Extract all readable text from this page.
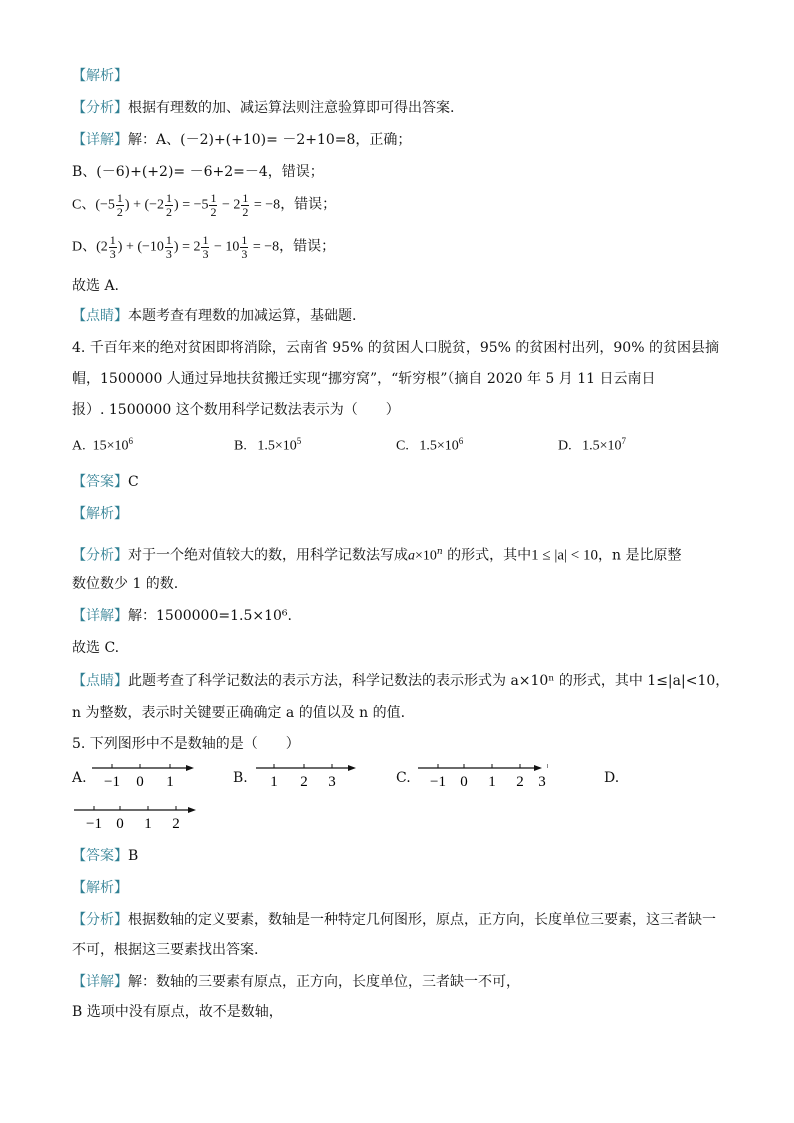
【解析】
【分析】根据有理数的加、减运算法则注意验算即可得出答案.
【详解】解：A、(－2)+(+10)= －2+10=8，正确；
B、(－6)+(+2)= －6+2=－4，错误；
C、($-5 \frac{1}{2}$ ) + ($-2 \frac{1}{2}$ ) = $-5 \frac{1}{2} - 2 \frac{1}{2} = -8$，错误；
D、($2 \frac{1}{3}$ ) + ($-10 \frac{1}{3}$ ) = $2 \frac{1}{3} - 10 \frac{1}{3} = -8$，错误；
故选 A.
【点睛】本题考查有理数的加减运算，基础题.
4. 千百年来的绝对贫困即将消除，云南省 95% 的贫困人口脱贫，95% 的贫困村出列，90% 的贫困县摘
帽，1500000 人通过异地扶贫搬迁实现“挪穷窝”，“斩穷根”（摘自 2020 年 5 月 11 日云南日
报）. 1500000 这个数用科学记数法表示为（　　）
A. $15\times 10^6$	B. $1.5\times 10^5$	C. $1.5\times 10^6$	D. $1.5\times 10^7$
【答案】C
【解析】
【分析】对于一个绝对值较大的数，用科学记数法写成$a\times 10^n$ 的形式，其中1 ≤ |a| < 10，n 是比原整
数位数少 1 的数.
【详解】解：1500000=1.5×10⁶.
故选 C.
【点睛】此题考查了科学记数法的表示方法，科学记数法的表示形式为 a×10ⁿ 的形式，其中 1≤|a|<10，
n 为整数，表示时关键要正确确定 a 的值以及 n 的值.
5. 下列图形中不是数轴的是（　　）
A. −1 0 1	B. 1 2 3	C. −1 0 1 2 3	D.
−1 0 1 2
【答案】B
【解析】
【分析】根据数轴的定义要素，数轴是一种特定几何图形，原点，正方向，长度单位三要素，这三者缺一
不可，根据这三要素找出答案.
【详解】解：数轴的三要素有原点，正方向，长度单位，三者缺一不可，
B 选项中没有原点，故不是数轴，
